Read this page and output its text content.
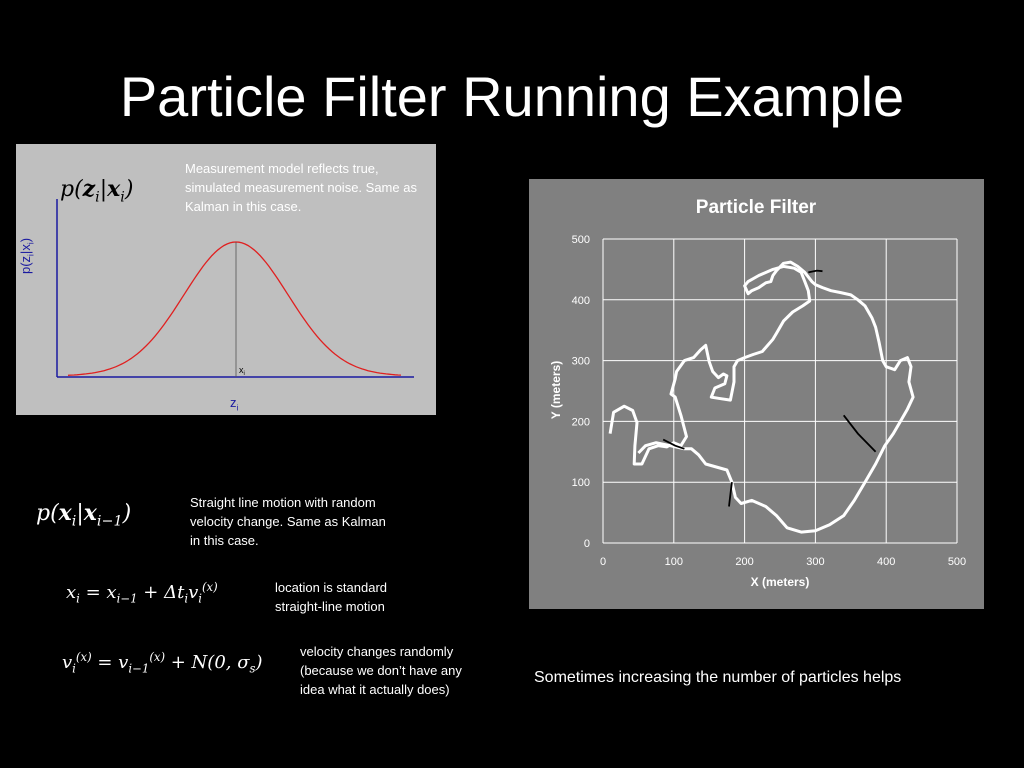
Particle Filter Running Example
$x_i$
$p(z_i|x_i)$
Measurement model reflects true, simulated measurement noise. Same as Kalman in this case.
$p(z_i|x_i)$
$z_i$
$p(x_i|x_{i-1})$	Straight line motion with random velocity change. Same as Kalman in this case.
$x_i = x_{i-1} + \Delta t_iv_i^{(x)}$	location is standard straight-line motion
$v_i^{(x)} = v_{i-1}^{(x)} + N(0$, $\sigma_s$)
velocity changes randomly (because we don’t have any idea what it actually does)
Particle Filter
X (meters)
Y (meters)
0	100	200	300	400	500
0
100
200
300
400
500
Sometimes increasing the number of particles helps
